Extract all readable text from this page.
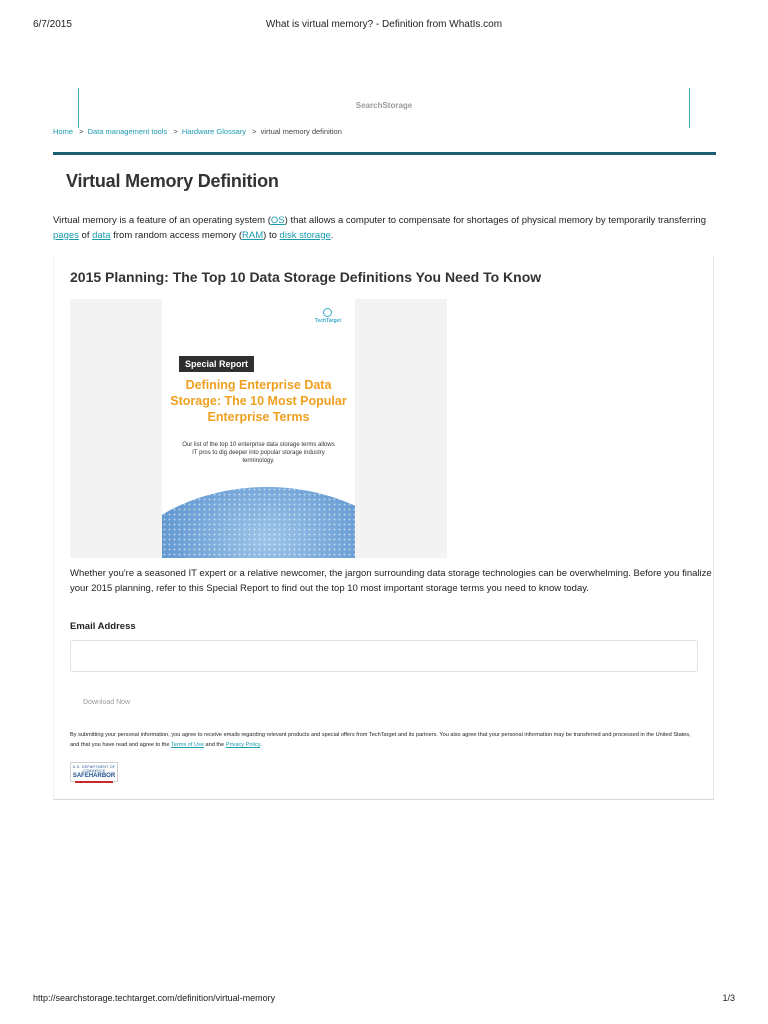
6/7/2015	What is virtual memory? - Definition from WhatIs.com
SearchStorage
Home > Data management tools > Hardware Glossary > virtual memory definition
Virtual Memory Definition

Virtual memory is a feature of an operating system (OS) that allows a computer to compensate for shortages of physical memory by temporarily transferring pages of data from random access memory (RAM) to disk storage.

2015 Planning: The Top 10 Data Storage Definitions You Need To Know
TechTarget
Special Report
Defining Enterprise Data Storage: The 10 Most Popular Enterprise Terms
Our list of the top 10 enterprise data storage terms allows IT pros to dig deeper into popular storage industry terminology.

Whether you're a seasoned IT expert or a relative newcomer, the jargon surrounding data storage technologies can be overwhelming. Before you finalize your 2015 planning, refer to this Special Report to find out the top 10 most important storage terms you need to know today.

Email Address
Download Now

By submitting your personal information, you agree to receive emails regarding relevant products and special offers from TechTarget and its partners. You also agree that your personal information may be transferred and processed in the United States, and that you have read and agree to the Terms of Use and the Privacy Policy.

U.S. DEPARTMENT OF COMMERCE
SAFEHARBOR
http://searchstorage.techtarget.com/definition/virtual-memory	1/3
